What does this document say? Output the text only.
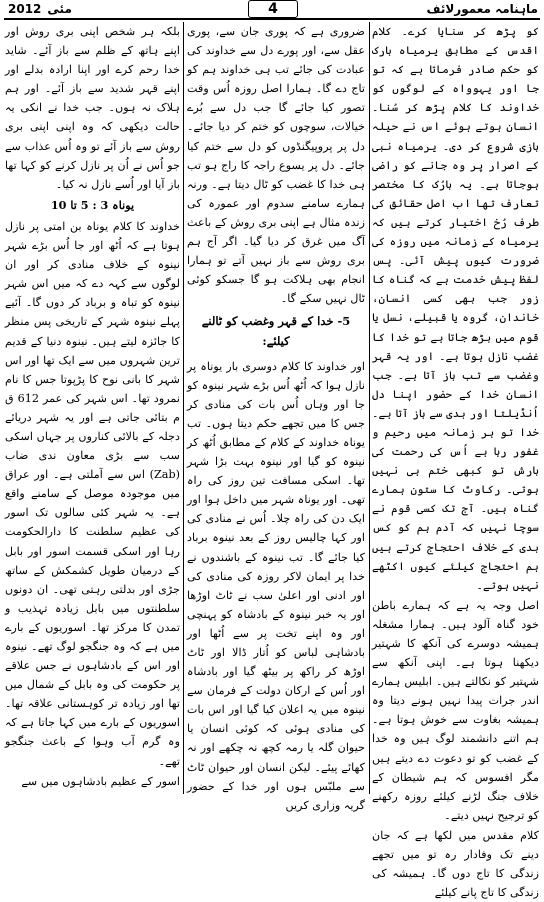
ماہنامہ معمورلائف
4
مئی2012

کو پڑھ کر سنایا کرے۔ کلام اقدس کے مطابق یرمیاہ بارک کو حکم صادر فرماتا ہے کہ تو جا اور یہوواہ کے لوگوں کو خداوند کا کلام پڑھ کر سُنا۔ انسان ہوتے ہوئے اس نے حیلہ بازی شروع کر دی۔ یرمیاہ نبی کے اصرار پر وہ جانے کو راضی ہوجاتا ہے۔ یہ بارُک کا مختصر تعارف تھا اب اصل حقائق کی طرف رُخ اختیار کرتے ہیں کہ یرمیاہ کے زمانہ میں روزہ کی ضرورت کیوں پیش آئی۔ پس لفظ پیش خدمت ہے کہ گناہ کا زور جب بھی کسی انسان، خاندان، گروہ یا قبیلے، نسل یا قوم میں بڑھ جاتا ہے تو خدا کا غضب نازل ہوتا ہے۔ اور یہ قہر وغضب سے تب باز آتا ہے۔ جب انسان خدا کے حضور اپنا دل اُنڈیلتا اور بدی سے باز آتا ہے۔ خدا تو ہر زمانہ میں رحیم و غفور رہا ہے اُس کی رحمت کی بارش تو کبھی ختم ہی نہیں ہوتی۔ رکاوٹ کا ستون ہمارے گناہ ہیں۔ آج تک کسی قوم نے سوچا نہیں کہ آدم ہم کو کس بدی کے خلاف احتجاج کرتے ہیں ہم احتجاج کیلئے کیوں اکٹھے نہیں ہوتے۔

اصل وجہ یہ ہے کہ ہمارے باطن خود گناہ آلود ہیں۔ ہمارا مشغلہ ہمیشہ دوسرے کی آنکھ کا شہتیر دیکھنا ہوتا ہے۔ اپنی آنکھ سے شہتیر کو نکالتے ہیں۔ ابلیس ہمارے اندر جرات پیدا نہیں ہونے دیتا وہ ہمیشہ بغاوت سے خوش ہوتا ہے۔ ہم اتنے دانشمند لوگ ہیں وہ خدا کے غضب کو تو دعوت دے دیتے ہیں مگر افسوس کہ ہم شیطان کے خلاف جنگ لڑنے کیلئے روزہ رکھنے کو ترجیح نہیں دیتے۔

کلام مقدس میں لکھا ہے کہ جان دینے تک وفادار رہ تو میں تجھے زندگی کا تاج دوں گا۔ ہمیشہ کی زندگی کا تاج پانے کیلئے

ضروری ہے کہ پوری جان سے، پوری عقل سے، اور پورے دل سے خداوند کی عبادت کی جائے تب ہی خداوند ہم کو تاج دے گا۔ ہمارا اصل روزہ اُس وقت تصور کیا جائے گا جب دل سے بُرے خیالات، سوچوں کو ختم کر دیا جائے۔ دل پر پروپیگنڈوں کو دل سے ختم کیا جائے۔ دل پر یسوع راجہ کا راج ہو تب ہی خدا کا غضب کو ٹال دیتا ہے۔ ورنہ ہمارے سامنے سدوم اور عمورہ کی زندہ مثال ہے اپنی بری روش کے باعث آگ میں غرق کر دیا گیا۔ اگر آج ہم بری روش سے باز نہیں آتے تو ہمارا انجام بھی ہلاکت ہو گا جسکو کوئی ٹال نہیں سکے گا۔

5- خدا کے قہر وغضب کو ٹالنے کیلئے:

اور خداوند کا کلام دوسری بار یوناہ پر نازل ہوا کہ اُٹھ اُس بڑے شہر نینوہ کو جا اور وہاں اُس بات کی منادی کر جس کا میں تجھے حکم دیتا ہوں۔ تب یوناہ خداوند کے کلام کے مطابق اُٹھ کر نینوہ کو گیا اور نینوہ بہت بڑا شہر تھا۔ اسکی مسافت تین روز کی راہ تھی۔ اور یوناہ شہر میں داخل ہوا اور ایک دن کی راہ چلا۔ اُس نے منادی کی اور کہا چالیس روز کے بعد نینوہ برباد کیا جائے گا۔ تب نینوہ کے باشندوں نے خدا پر ایمان لاکر روزہ کی منادی کی اور ادنی اور اعلیٰ سب نے ٹاٹ اوڑھا اور یہ خبر نینوہ کے بادشاہ کو پہنچی اور وہ اپنے تخت پر سے اُٹھا اور بادشاہی لباس کو اُتار ڈالا اور ٹاٹ اوڑھ کر راکھ پر بیٹھ گیا اور بادشاہ اور اُس کے ارکان دولت کے فرمان سے نینوہ میں یہ اعلان کیا گیا اور اس بات کی منادی ہوئی کہ کوئی انسان یا حیوان گلہ یا رمہ کچھ نہ چکھے اور نہ کھائے پیئے۔ لیکن انسان اور حیوان ٹاٹ سے ملبّس ہوں اور خدا کے حضور گریہ وزاری کریں

بلکہ ہر شخص اپنی بری روش اور اپنے ہاتھ کے ظلم سے باز آئے۔ شاید خدا رحم کرے اور اپنا ارادہ بدلے اور اپنے قہر شدید سے باز آئے۔ اور ہم ہلاک نہ ہوں۔ جب خدا نے انکی یہ حالت دیکھی کہ وہ اپنی اپنی بری روش سے باز آئے تو وہ اُس عذاب سے جو اُس نے اُن پر نازل کرنے کو کہا تھا باز آیا اور اُسے نازل نہ کیا۔

یوناہ 3 : 5 تا 10

خداوند کا کلام یوناہ بن امتی پر نازل ہوتا ہے کہ اُٹھ اور جا اُس بڑے شہر نینوہ کے خلاف منادی کر اور ان لوگوں سے کہہ دے کہ میں اس شہر نینوہ کو تباہ و برباد کر دوں گا۔ آئیے پہلے نینوہ شہر کے تاریخی پس منظر کا جائزہ لیتے ہیں۔ نینوہ دنیا کے قدیم ترین شہروں میں سے ایک تھا اور اس شہر کا بانی نوح کا پڑپوتا جس کا نام نمرود تھا۔ اس شہر کی عمر 612 ق م بتائی جاتی ہے اور یہ شہر دریائے دجلہ کے بالائی کناروں پر جہاں اسکی سب سے بڑی معاون ندی ضاب (Zab) اس سے آملتی ہے۔ اور عراق میں موجودہ موصل کے سامنے واقع ہے۔ یہ شہر کئی سالوں تک اسور کی عظیم سلطنت کا دارالحکومت رہا اور اسکی قسمت اسور اور بابل کے درمیان طویل کشمکش کے ساتھ جڑی اور بدلتی رہتی تھی۔ ان دونوں سلطنتوں میں بابل زیادہ تہذیب و تمدن کا مرکز تھا۔ اسوریوں کے بارے میں ہے کہ وہ جنگجو لوگ تھے۔ نینوہ اور اس کے بادشاہوں نے جس علاقے پر حکومت کی وہ بابل کے شمال میں تھا اور زیادہ تر کوہستانی علاقہ تھا۔ اسوریوں کے بارے میں کہا جاتا ہے کہ وہ گرم آب وہوا کے باعث جنگجو تھے۔

اسور کے عظیم بادشاہوں میں سے
